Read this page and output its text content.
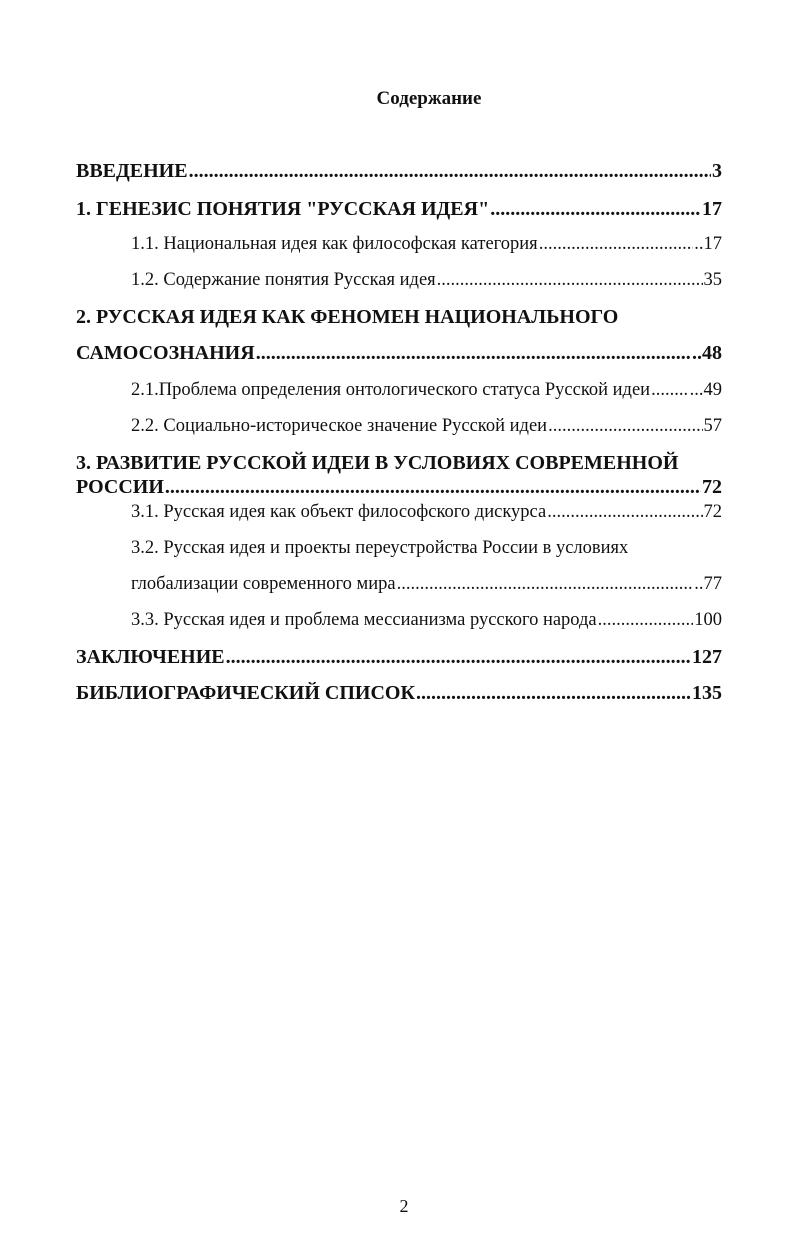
Содержание
ВВЕДЕНИЕ .....	3
1. ГЕНЕЗИС ПОНЯТИЯ "РУССКАЯ ИДЕЯ" .....	17
1.1. Национальная идея как философская категория .....	..17
1.2. Содержание понятия Русская идея .....	35
2. РУССКАЯ ИДЕЯ КАК ФЕНОМЕН НАЦИОНАЛЬНОГО
САМОСОЗНАНИЯ .....	..48
2.1.Проблема определения онтологического статуса Русской идеи ..... ...49
2.2. Социально-историческое значение Русской идеи .....	57
3. РАЗВИТИЕ РУССКОЙ ИДЕИ В УСЛОВИЯХ СОВРЕМЕННОЙ
РОССИИ .....	72
3.1. Русская идея как объект философского дискурса .....	72
3.2. Русская идея и проекты переустройства России в условиях
глобализации современного мира .....	..77
3.3. Русская идея и проблема мессианизма русского народа .....	100
ЗАКЛЮЧЕНИЕ .....	127
БИБЛИОГРАФИЧЕСКИЙ СПИСОК .....	135
2
